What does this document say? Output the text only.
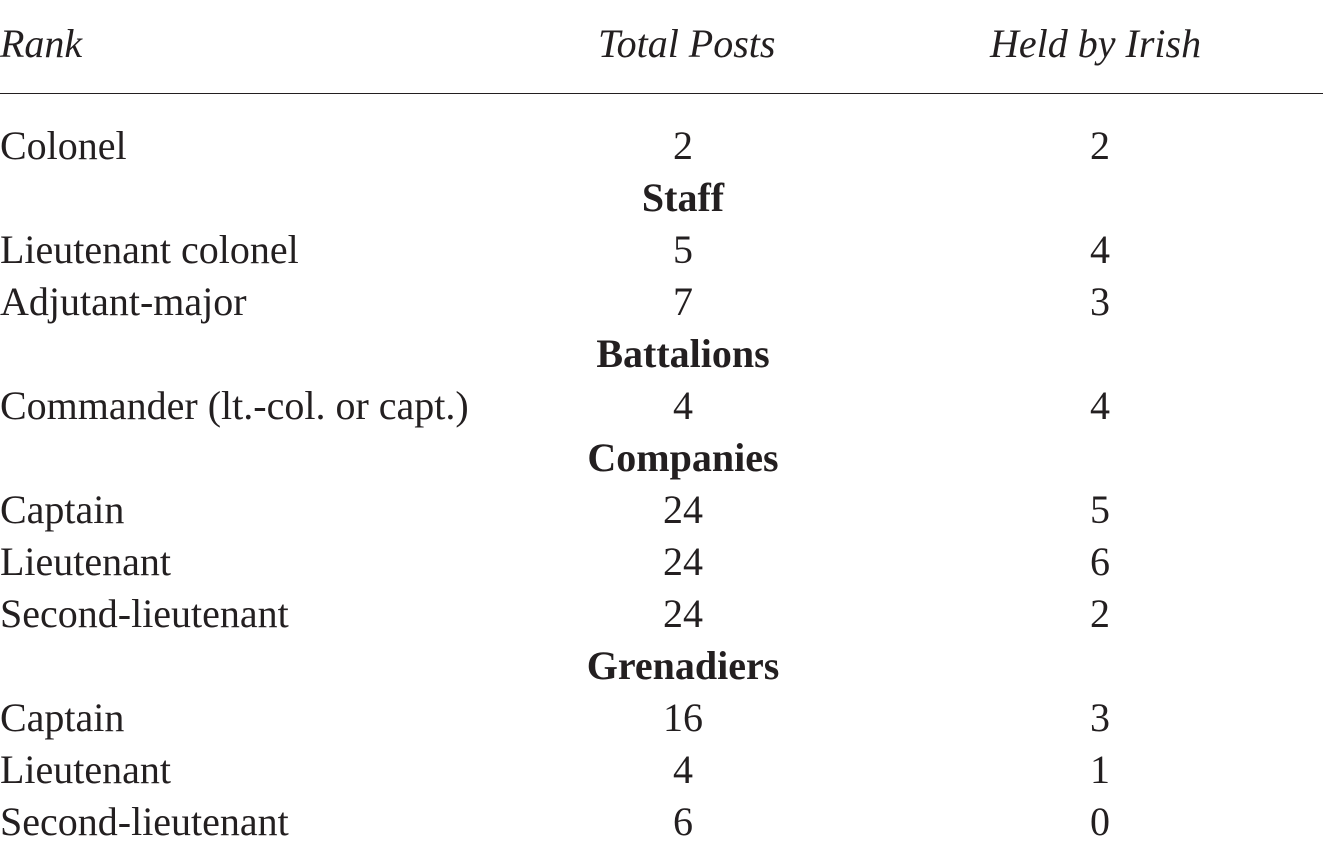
Rank	Total Posts	Held by Irish
Colonel	2	2
Staff
Lieutenant colonel	5	4
Adjutant-major	7	3
Battalions
Commander (lt.-col. or capt.)	4	4
Companies
Captain	24	5
Lieutenant	24	6
Second-lieutenant	24	2
Grenadiers
Captain	16	3
Lieutenant	4	1
Second-lieutenant	6	0
